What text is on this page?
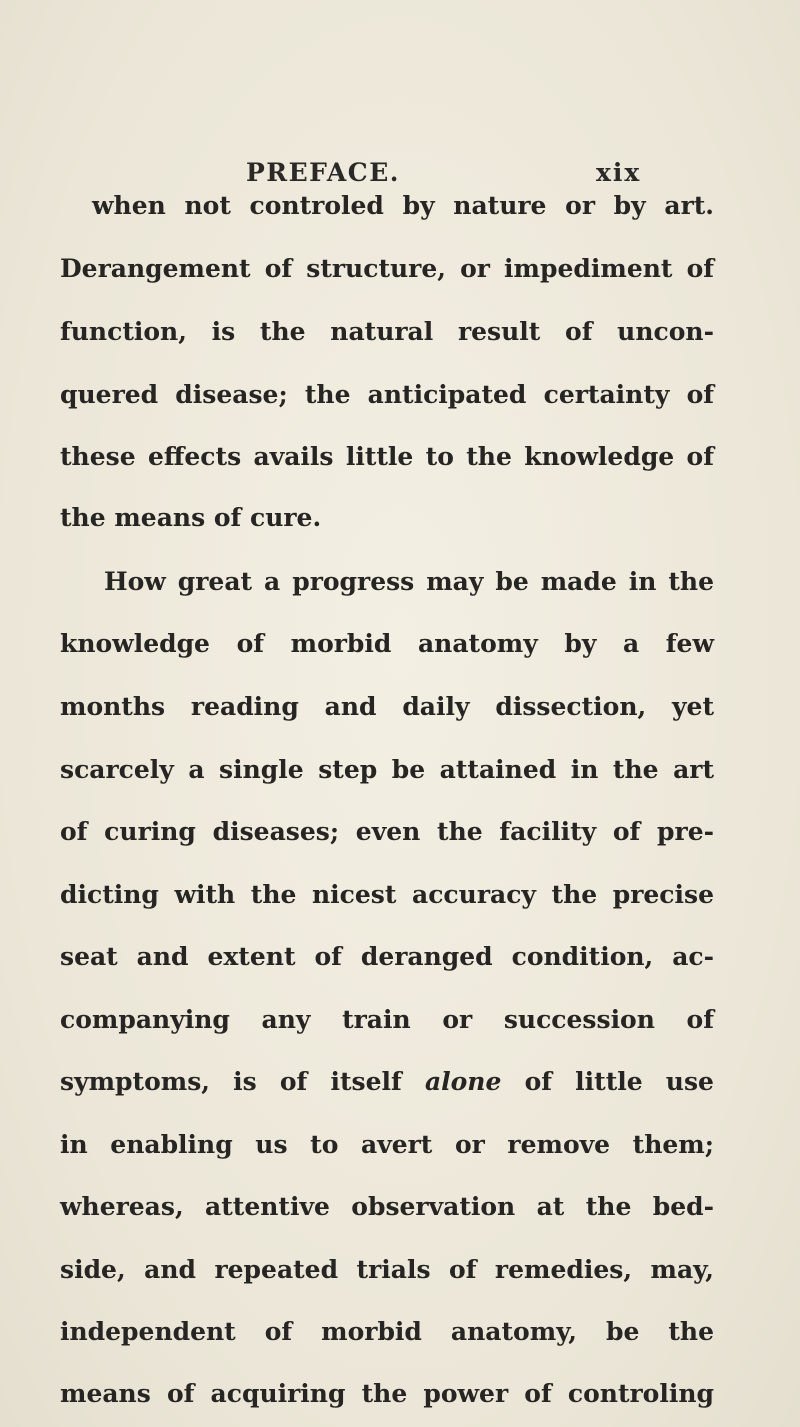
PREFACE.	xix
when not controled by nature or by art.
Derangement of structure, or impediment of
function, is the natural result of uncon-
quered disease; the anticipated certainty of
these effects avails little to the knowledge of
the means of cure.
How great a progress may be made in the
knowledge of morbid anatomy by a few
months reading and daily dissection, yet
scarcely a single step be attained in the art
of curing diseases; even the facility of pre-
dicting with the nicest accuracy the precise
seat and extent of deranged condition, ac-
companying any train or succession of
symptoms, is of itself alone of little use
in enabling us to avert or remove them;
whereas, attentive observation at the bed-
side, and repeated trials of remedies, may,
independent of morbid anatomy, be the
means of acquiring the power of controling
